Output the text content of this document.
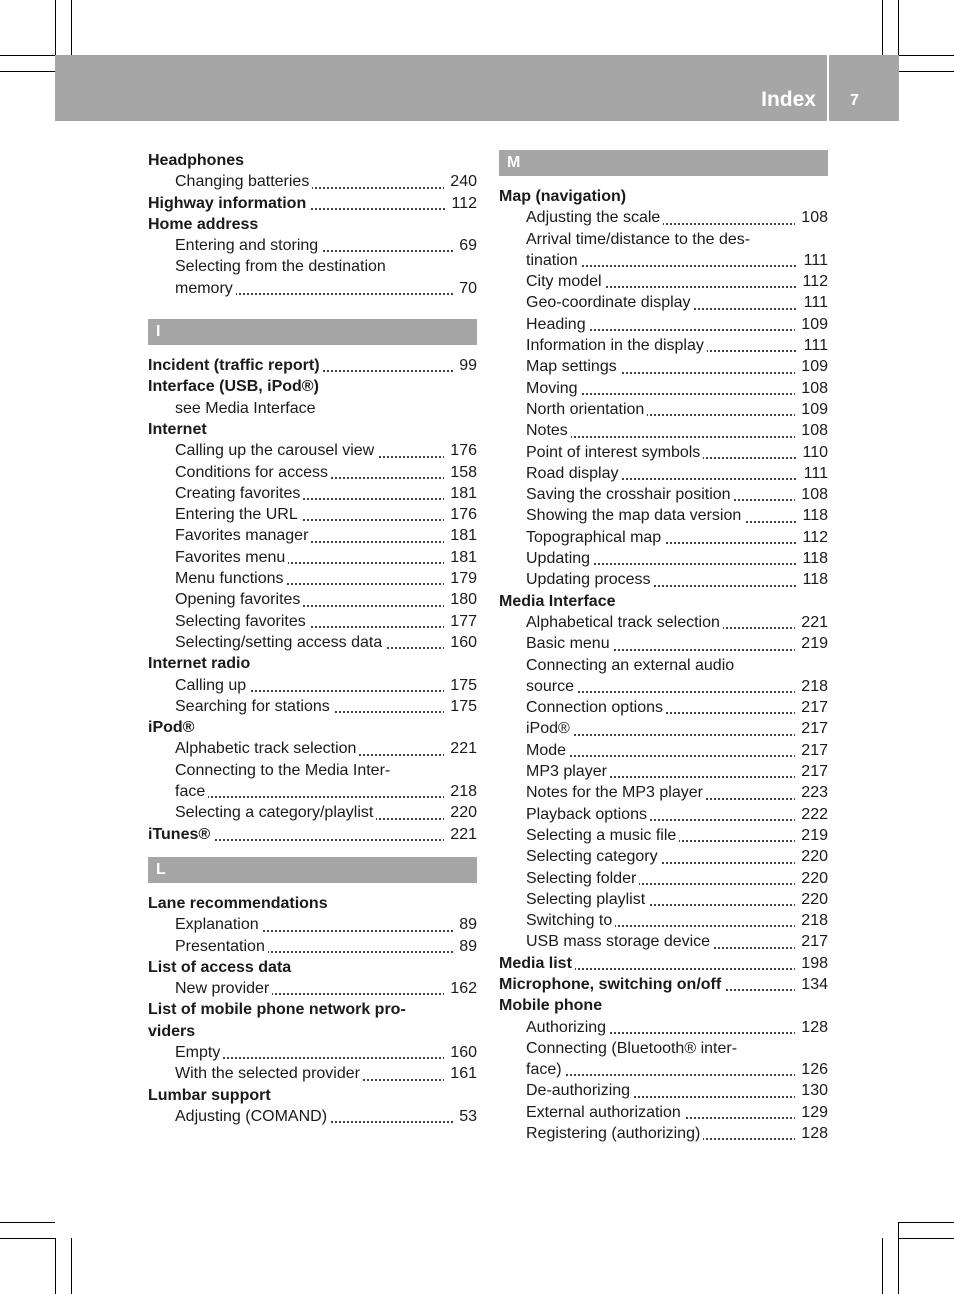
Index 7
Headphones
Changing batteries	240
Highway information	112
Home address
Entering and storing	69
Selecting from the destination
memory	70
I
Incident (traffic report)	99
Interface (USB, iPod®)
see Media Interface
Internet
Calling up the carousel view	176
Conditions for access	158
Creating favorites	181
Entering the URL	176
Favorites manager	181
Favorites menu	181
Menu functions	179
Opening favorites	180
Selecting favorites	177
Selecting/setting access data	160
Internet radio
Calling up	175
Searching for stations	175
iPod®
Alphabetic track selection	221
Connecting to the Media Inter-
face	218
Selecting a category/playlist	220
iTunes®	221
L
Lane recommendations
Explanation	89
Presentation	89
List of access data
New provider	162
List of mobile phone network pro-
viders
Empty	160
With the selected provider	161
Lumbar support
Adjusting (COMAND)	53
M
Map (navigation)
Adjusting the scale	108
Arrival time/distance to the des-
tination	111
City model	112
Geo-coordinate display	111
Heading	109
Information in the display	111
Map settings	109
Moving	108
North orientation	109
Notes	108
Point of interest symbols	110
Road display	111
Saving the crosshair position	108
Showing the map data version	118
Topographical map	112
Updating	118
Updating process	118
Media Interface
Alphabetical track selection	221
Basic menu	219
Connecting an external audio
source	218
Connection options	217
iPod®	217
Mode	217
MP3 player	217
Notes for the MP3 player	223
Playback options	222
Selecting a music file	219
Selecting category	220
Selecting folder	220
Selecting playlist	220
Switching to	218
USB mass storage device	217
Media list	198
Microphone, switching on/off	134
Mobile phone
Authorizing	128
Connecting (Bluetooth® inter-
face)	126
De-authorizing	130
External authorization	129
Registering (authorizing)	128
